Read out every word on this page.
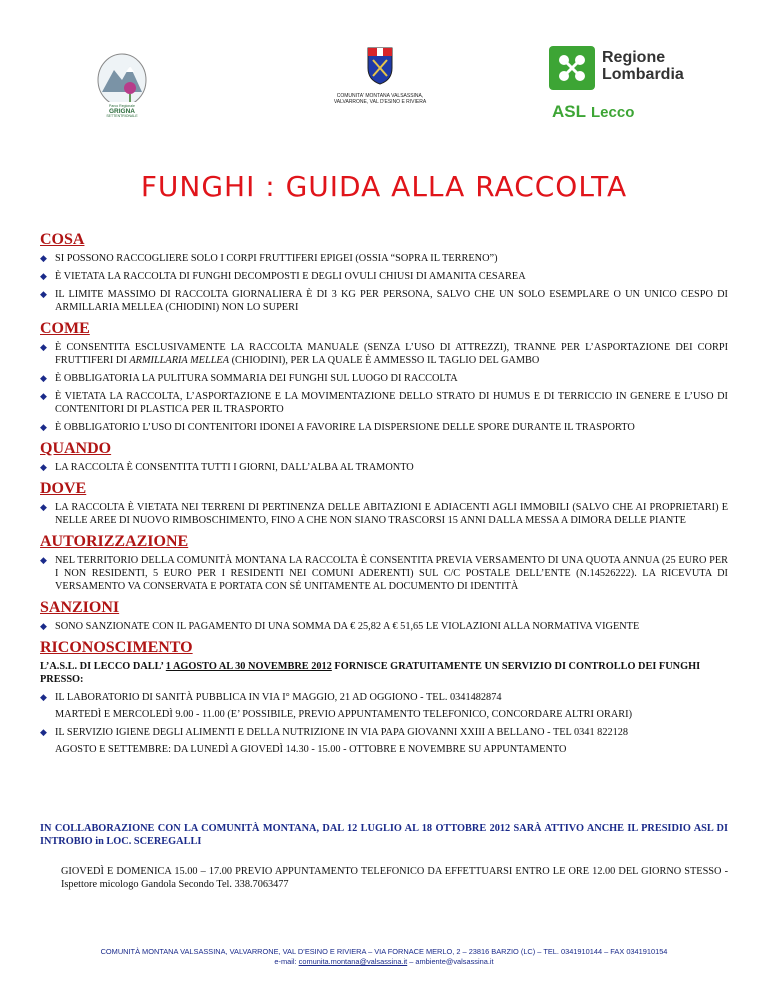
Parco Regionale
GRIGNA
SETTENTRIONALE
COMUNITA' MONTANA VALSASSINA, VALVARRONE, VAL D'ESINO E RIVIERA
Regione
Lombardia
ASL Lecco
FUNGHI : GUIDA ALLA RACCOLTA
COSA
◆ SI POSSONO RACCOGLIERE SOLO I CORPI FRUTTIFERI EPIGEI (OSSIA “SOPRA IL TERRENO”)
◆ È VIETATA LA RACCOLTA DI FUNGHI DECOMPOSTI E DEGLI OVULI CHIUSI DI AMANITA CESAREA
◆ IL LIMITE MASSIMO DI RACCOLTA GIORNALIERA È DI 3 KG PER PERSONA, SALVO CHE UN SOLO ESEMPLARE O UN UNICO CESPO DI ARMILLARIA MELLEA (CHIODINI) NON LO SUPERI
COME
◆ È CONSENTITA ESCLUSIVAMENTE LA RACCOLTA MANUALE (SENZA L’USO DI ATTREZZI), TRANNE PER L’ASPORTAZIONE DEI CORPI FRUTTIFERI DI ARMILLARIA MELLEA (CHIODINI), PER LA QUALE È AMMESSO IL TAGLIO DEL GAMBO
◆ È OBBLIGATORIA LA PULITURA SOMMARIA DEI FUNGHI SUL LUOGO DI RACCOLTA
◆ È VIETATA LA RACCOLTA, L’ASPORTAZIONE E LA MOVIMENTAZIONE DELLO STRATO DI HUMUS E DI TERRICCIO IN GENERE E L’USO DI CONTENITORI DI PLASTICA PER IL TRASPORTO
◆ È OBBLIGATORIO L’USO DI CONTENITORI IDONEI A FAVORIRE LA DISPERSIONE DELLE SPORE DURANTE IL TRASPORTO
QUANDO
◆ LA RACCOLTA È CONSENTITA TUTTI I GIORNI, DALL’ALBA AL TRAMONTO
DOVE
◆ LA RACCOLTA È VIETATA NEI TERRENI DI PERTINENZA DELLE ABITAZIONI E ADIACENTI AGLI IMMOBILI (SALVO CHE AI PROPRIETARI) E NELLE AREE DI NUOVO RIMBOSCHIMENTO, FINO A CHE NON SIANO TRASCORSI 15 ANNI DALLA MESSA A DIMORA DELLE PIANTE
AUTORIZZAZIONE
◆ NEL TERRITORIO DELLA COMUNITÀ MONTANA LA RACCOLTA È CONSENTITA PREVIA VERSAMENTO DI UNA QUOTA ANNUA (25 EURO PER I NON RESIDENTI, 5 EURO PER I RESIDENTI NEI COMUNI ADERENTI) SUL C/C POSTALE DELL’ENTE (N.14526222). LA RICEVUTA DI VERSAMENTO VA CONSERVATA E PORTATA CON SÉ UNITAMENTE AL DOCUMENTO DI IDENTITÀ
SANZIONI
◆ SONO SANZIONATE CON IL PAGAMENTO DI UNA SOMMA DA € 25,82 A € 51,65 LE VIOLAZIONI ALLA NORMATIVA VIGENTE
RICONOSCIMENTO
L’A.S.L. DI LECCO DALL’ 1 AGOSTO AL 30 NOVEMBRE 2012 FORNISCE GRATUITAMENTE UN SERVIZIO DI CONTROLLO DEI FUNGHI PRESSO:
◆ IL LABORATORIO DI SANITÀ PUBBLICA IN VIA I° MAGGIO, 21 AD OGGIONO - TEL. 0341482874
MARTEDÌ E MERCOLEDÌ 9.00 - 11.00 (E’ POSSIBILE, PREVIO APPUNTAMENTO TELEFONICO, CONCORDARE ALTRI ORARI)
◆ IL SERVIZIO IGIENE DEGLI ALIMENTI E DELLA NUTRIZIONE IN VIA PAPA GIOVANNI XXIII A BELLANO - TEL 0341 822128
AGOSTO E SETTEMBRE: DA LUNEDÌ A GIOVEDÌ 14.30 - 15.00 - OTTOBRE E NOVEMBRE SU APPUNTAMENTO
IN COLLABORAZIONE CON LA COMUNITÀ MONTANA, DAL 12 LUGLIO AL 18 OTTOBRE 2012 SARÀ ATTIVO ANCHE IL PRESIDIO ASL DI INTROBIO in LOC. SCEREGALLI
GIOVEDÌ E DOMENICA 15.00 – 17.00 PREVIO APPUNTAMENTO TELEFONICO DA EFFETTUARSI ENTRO LE ORE 12.00 DEL GIORNO STESSO - Ispettore micologo Gandola Secondo Tel. 338.7063477
COMUNITÀ MONTANA VALSASSINA, VALVARRONE, VAL D’ESINO E RIVIERA – VIA FORNACE MERLO, 2 – 23816 BARZIO (LC) – TEL. 0341910144 – FAX 0341910154
e-mail: comunita.montana@valsassina.it – ambiente@valsassina.it
